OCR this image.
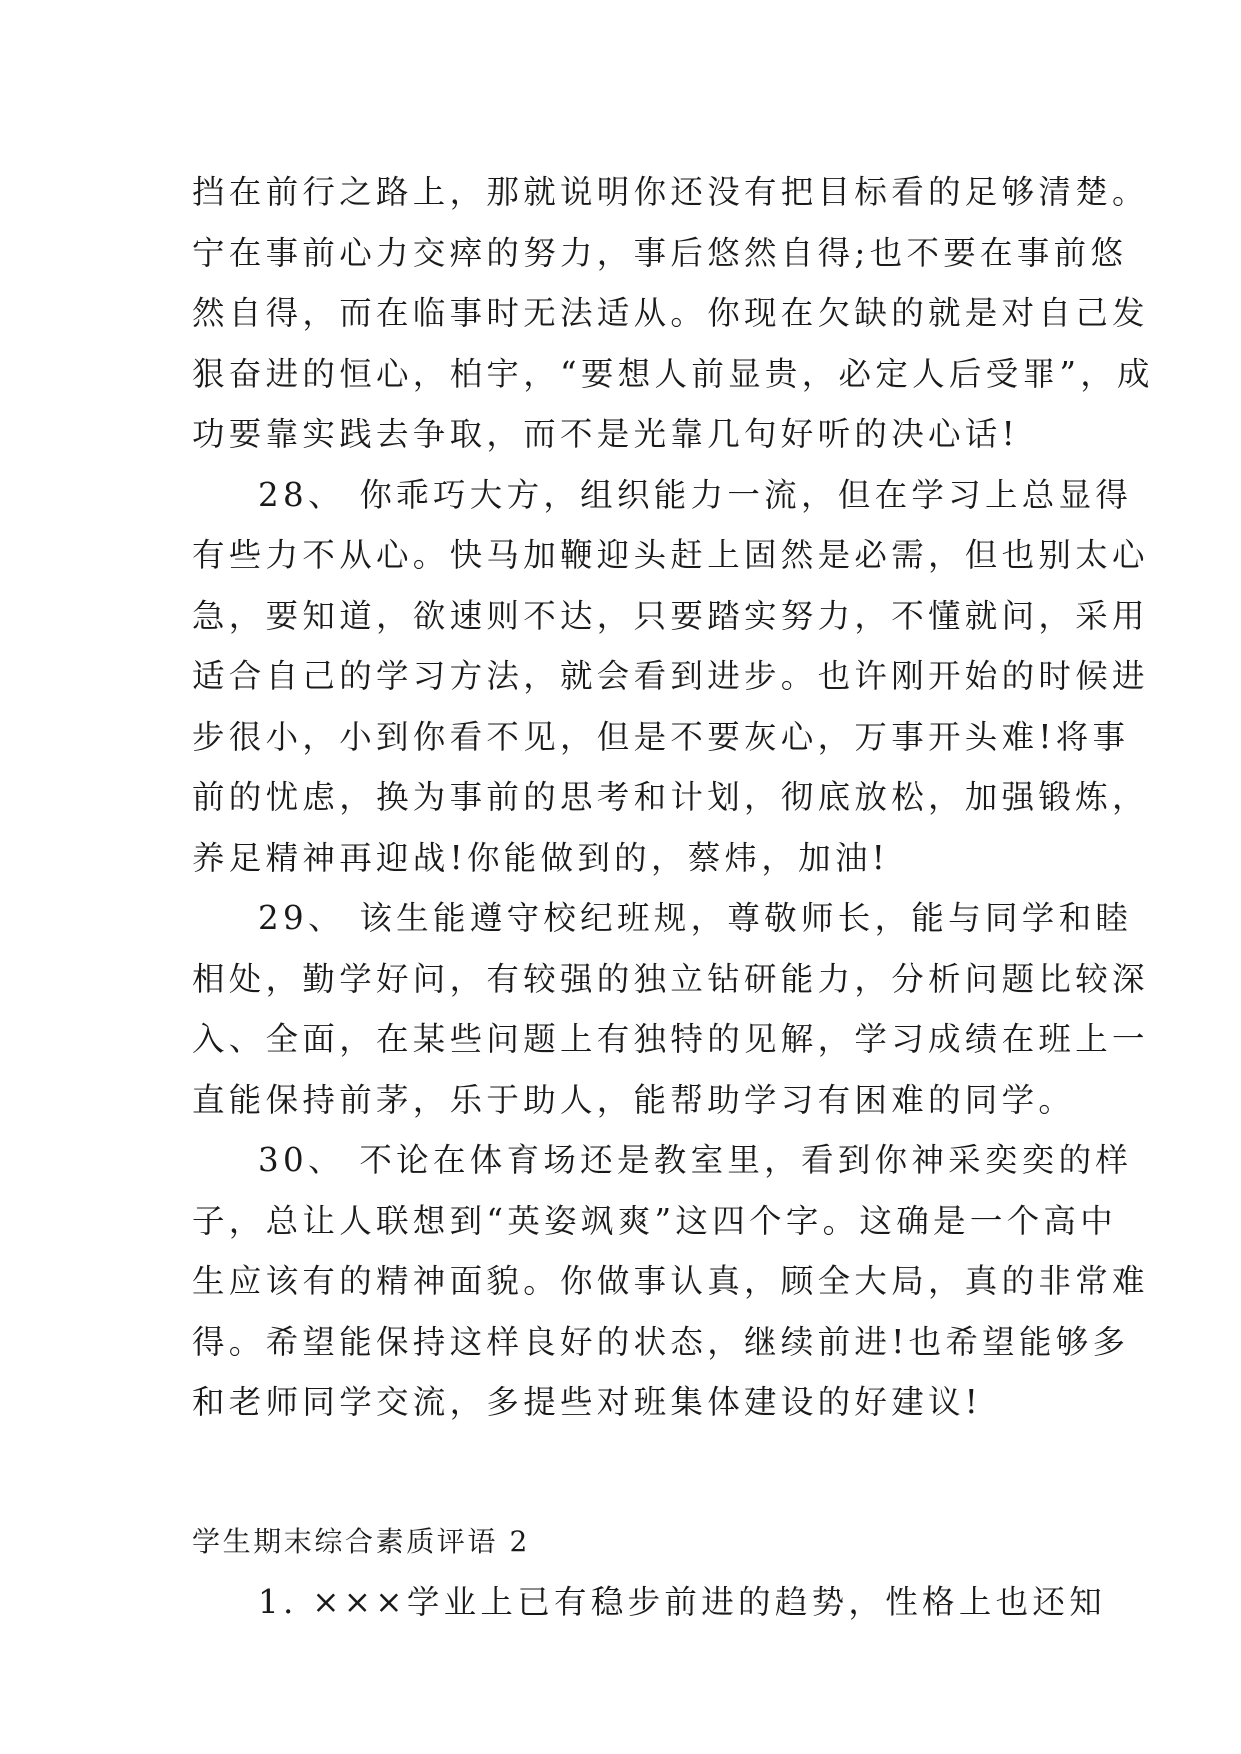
挡在前行之路上，那就说明你还没有把目标看的足够清楚。
宁在事前心力交瘁的努力，事后悠然自得;也不要在事前悠
然自得，而在临事时无法适从。你现在欠缺的就是对自己发
狠奋进的恒心，柏宇，“要想人前显贵，必定人后受罪”，成
功要靠实践去争取，而不是光靠几句好听的决心话!
28、 你乖巧大方，组织能力一流，但在学习上总显得
有些力不从心。快马加鞭迎头赶上固然是必需，但也别太心
急，要知道，欲速则不达，只要踏实努力，不懂就问，采用
适合自己的学习方法，就会看到进步。也许刚开始的时候进
步很小，小到你看不见，但是不要灰心，万事开头难!将事
前的忧虑，换为事前的思考和计划，彻底放松，加强锻炼，
养足精神再迎战!你能做到的，蔡炜，加油!
29、 该生能遵守校纪班规，尊敬师长，能与同学和睦
相处，勤学好问，有较强的独立钻研能力，分析问题比较深
入、全面，在某些问题上有独特的见解，学习成绩在班上一
直能保持前茅，乐于助人，能帮助学习有困难的同学。
30、 不论在体育场还是教室里，看到你神采奕奕的样
子，总让人联想到“英姿飒爽”这四个字。这确是一个高中
生应该有的精神面貌。你做事认真，顾全大局，真的非常难
得。希望能保持这样良好的状态，继续前进!也希望能够多
和老师同学交流，多提些对班集体建设的好建议!
学生期末综合素质评语 2
1. ×××学业上已有稳步前进的趋势，性格上也还知
